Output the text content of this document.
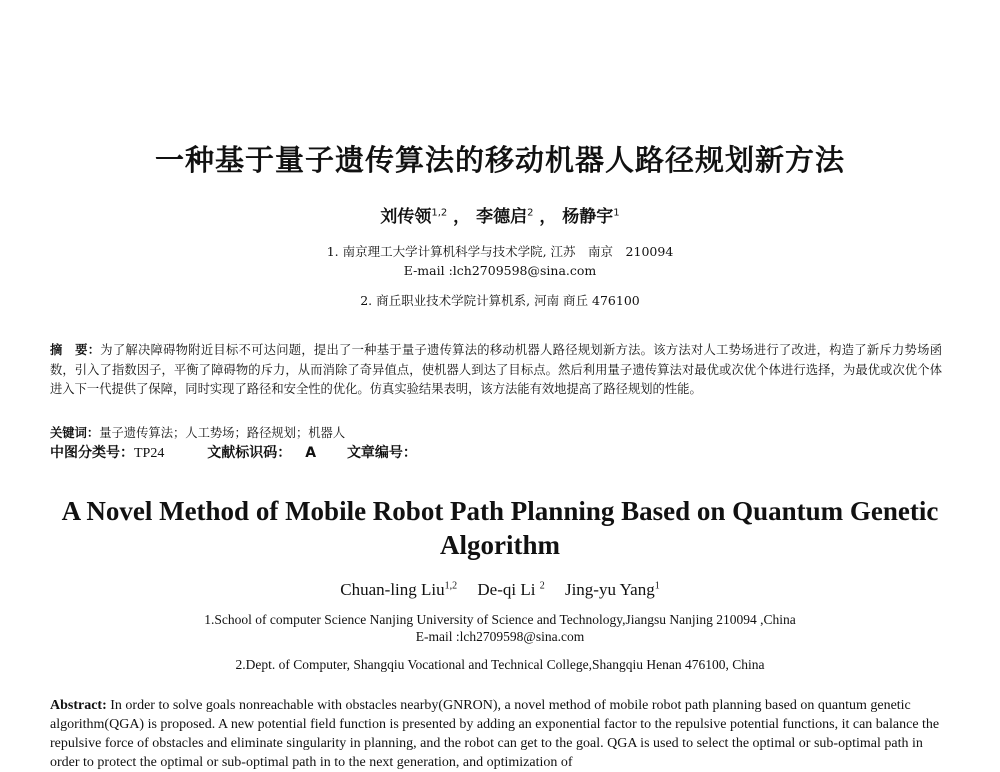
一种基于量子遗传算法的移动机器人路径规划新方法
刘传领$^{1,2}$ ， 李德启$^2$ ， 杨静宇$^1$
1. 南京理工大学计算机科学与技术学院, 江苏　南京　210094
E-mail :lch2709598@sina.com
2. 商丘职业技术学院计算机系, 河南 商丘 476100
摘　要：为了解决障碍物附近目标不可达问题，提出了一种基于量子遗传算法的移动机器人路径规划新方法。该方法对人工势场进行了改进，构造了新斥力势场函数，引入了指数因子，平衡了障碍物的斥力，从而消除了奇异值点，使机器人到达了目标点。然后利用量子遗传算法对最优或次优个体进行选择，为最优或次优个体进入下一代提供了保障，同时实现了路径和安全性的优化。仿真实验结果表明，该方法能有效地提高了路径规划的性能。
关键词：量子遗传算法；人工势场；路径规划；机器人
中图分类号：TP24	文献标识码： A 文章编号：
A Novel Method of Mobile Robot Path Planning Based on Quantum Genetic Algorithm
Chuan-ling Liu$^{1,2}$ De-qi Li $^2$ Jing-yu Yang$^1$
1.School of computer Science Nanjing University of Science and Technology,Jiangsu Nanjing 210094 ,China
E-mail :lch2709598@sina.com
2.Dept. of Computer, Shangqiu Vocational and Technical College,Shangqiu Henan 476100, China
Abstract: In order to solve goals nonreachable with obstacles nearby(GNRON), a novel method of mobile robot path planning based on quantum genetic algorithm(QGA) is proposed. A new potential field function is presented by adding an exponential factor to the repulsive potential functions, it can balance the repulsive force of obstacles and eliminate singularity in planning, and the robot can get to the goal. QGA is used to select the optimal or sub-optimal path in order to protect the optimal or sub-optimal path in to the next generation, and optimization of
